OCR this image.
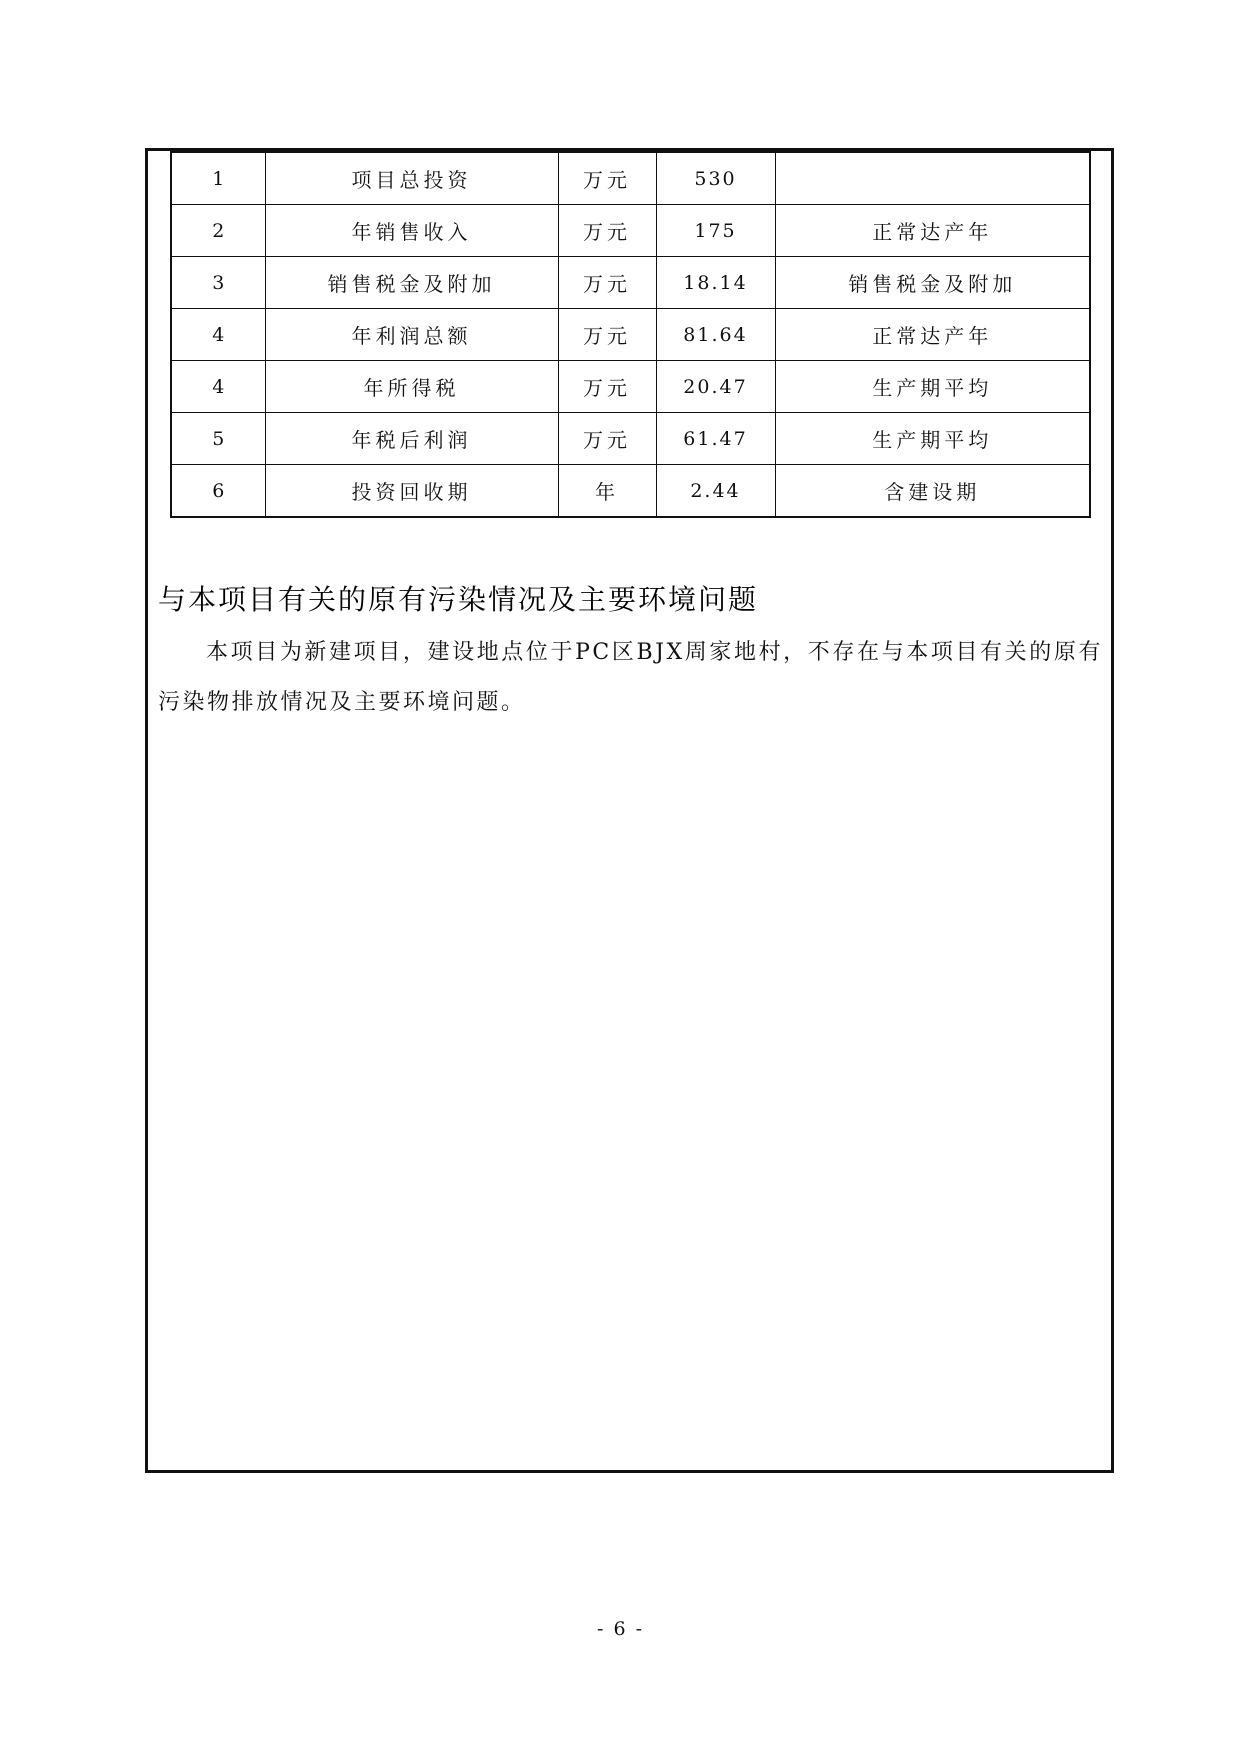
1	项目总投资	万元	530	
2	年销售收入	万元	175	正常达产年
3	销售税金及附加	万元	18.14	销售税金及附加
4	年利润总额	万元	81.64	正常达产年
4	年所得税	万元	20.47	生产期平均
5	年税后利润	万元	61.47	生产期平均
6	投资回收期	年	2.44	含建设期
与本项目有关的原有污染情况及主要环境问题

本项目为新建项目，建设地点位于PC区BJX周家地村，不存在与本项目有关的原有污染物排放情况及主要环境问题。

- 6 -
